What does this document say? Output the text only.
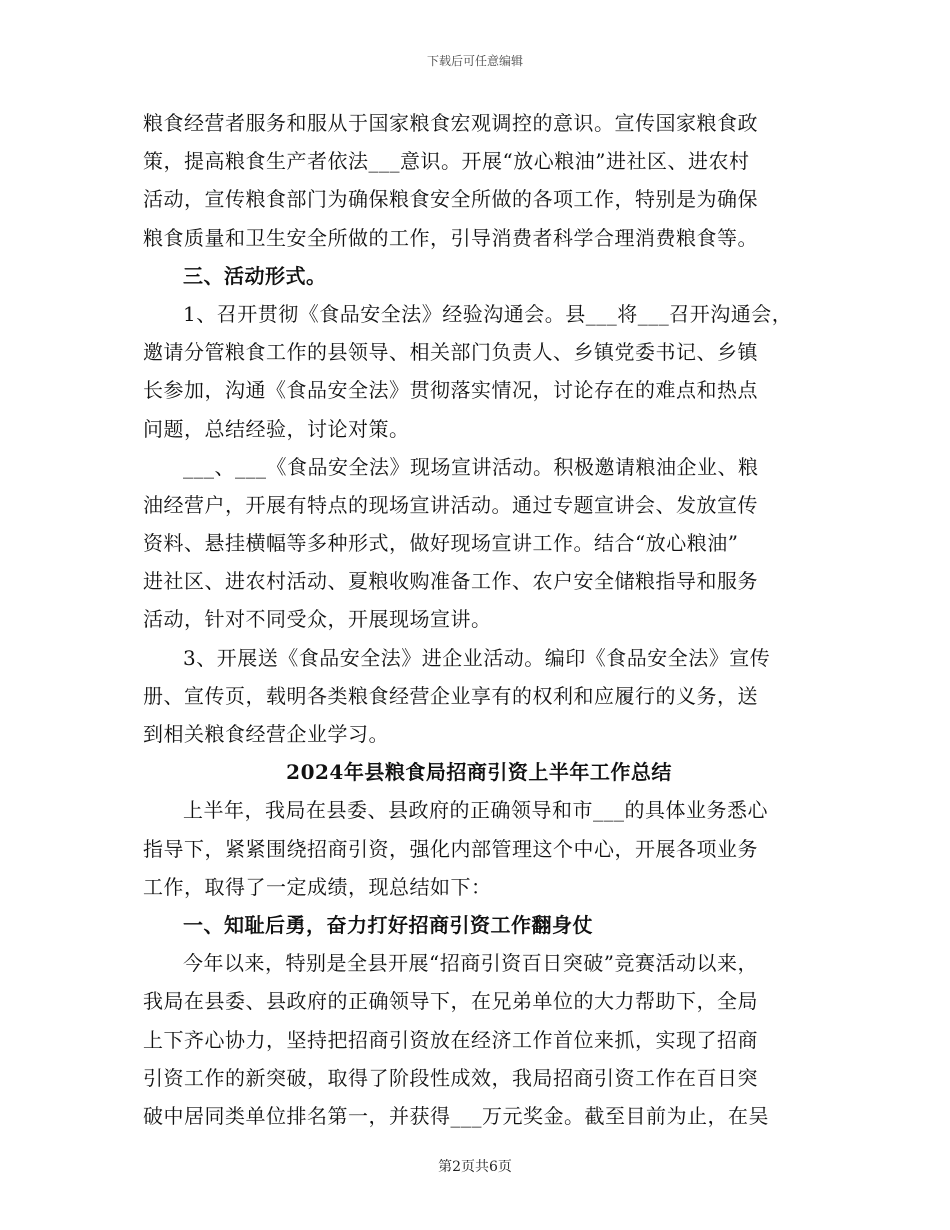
下载后可任意编辑
粮食经营者服务和服从于国家粮食宏观调控的意识。宣传国家粮食政
策，提高粮食生产者依法___意识。开展“放心粮油”进社区、进农村
活动，宣传粮食部门为确保粮食安全所做的各项工作，特别是为确保
粮食质量和卫生安全所做的工作，引导消费者科学合理消费粮食等。
三、活动形式。
1、召开贯彻《食品安全法》经验沟通会。县___将___召开沟通会，
邀请分管粮食工作的县领导、相关部门负责人、乡镇党委书记、乡镇
长参加，沟通《食品安全法》贯彻落实情况，讨论存在的难点和热点
问题，总结经验，讨论对策。
___、___《食品安全法》现场宣讲活动。积极邀请粮油企业、粮
油经营户，开展有特点的现场宣讲活动。通过专题宣讲会、发放宣传
资料、悬挂横幅等多种形式，做好现场宣讲工作。结合“放心粮油”
进社区、进农村活动、夏粮收购准备工作、农户安全储粮指导和服务
活动，针对不同受众，开展现场宣讲。
3、开展送《食品安全法》进企业活动。编印《食品安全法》宣传
册、宣传页，载明各类粮食经营企业享有的权利和应履行的义务，送
到相关粮食经营企业学习。
2024年县粮食局招商引资上半年工作总结
上半年，我局在县委、县政府的正确领导和市___的具体业务悉心
指导下，紧紧围绕招商引资，强化内部管理这个中心，开展各项业务
工作，取得了一定成绩，现总结如下：
一、知耻后勇，奋力打好招商引资工作翻身仗
今年以来，特别是全县开展“招商引资百日突破”竞赛活动以来，
我局在县委、县政府的正确领导下，在兄弟单位的大力帮助下，全局
上下齐心协力，坚持把招商引资放在经济工作首位来抓，实现了招商
引资工作的新突破，取得了阶段性成效，我局招商引资工作在百日突
破中居同类单位排名第一，并获得___万元奖金。截至目前为止，在吴
第2页共6页
